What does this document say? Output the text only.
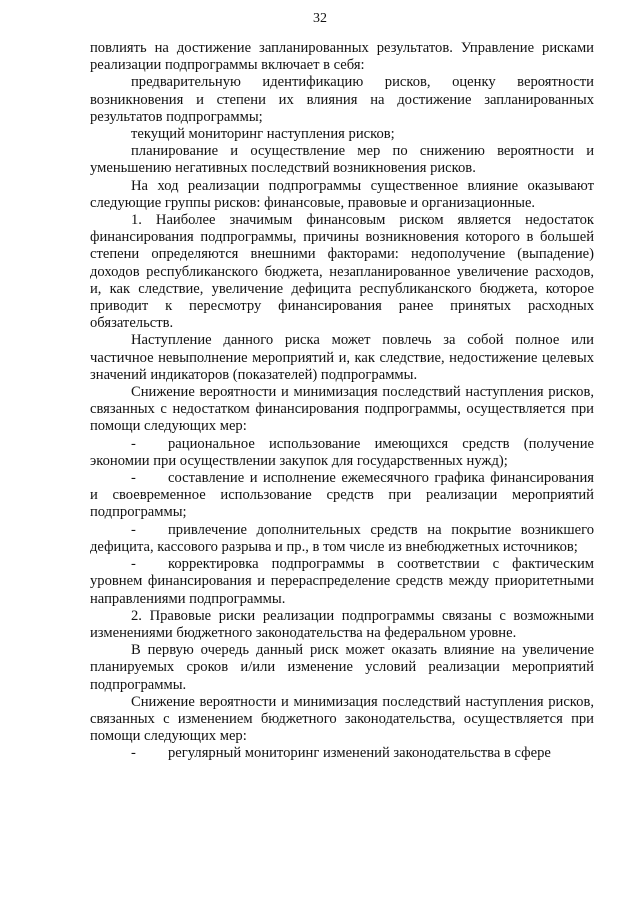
32

повлиять на достижение запланированных результатов. Управление рисками реализации подпрограммы включает в себя:

предварительную идентификацию рисков, оценку вероятности возникновения и степени их влияния на достижение запланированных результатов подпрограммы;

текущий мониторинг наступления рисков;

планирование и осуществление мер по снижению вероятности и уменьшению негативных последствий возникновения рисков.

На ход реализации подпрограммы существенное влияние оказывают следующие группы рисков: финансовые, правовые и организационные.

1. Наиболее значимым финансовым риском является недостаток финансирования подпрограммы, причины возникновения которого в большей степени определяются внешними факторами: недополучение (выпадение) доходов республиканского бюджета, незапланированное увеличение расходов, и, как следствие, увеличение дефицита республиканского бюджета, которое приводит к пересмотру финансирования ранее принятых расходных обязательств.

Наступление данного риска может повлечь за собой полное или частичное невыполнение мероприятий и, как следствие, недостижение целевых значений индикаторов (показателей) подпрограммы.

Снижение вероятности и минимизация последствий наступления рисков, связанных с недостатком финансирования подпрограммы, осуществляется при помощи следующих мер:

- рациональное использование имеющихся средств (получение экономии при осуществлении закупок для государственных нужд);

- составление и исполнение ежемесячного графика финансирования и своевременное использование средств при реализации мероприятий подпрограммы;

- привлечение дополнительных средств на покрытие возникшего дефицита, кассового разрыва и пр., в том числе из внебюджетных источников;

- корректировка подпрограммы в соответствии с фактическим уровнем финансирования и перераспределение средств между приоритетными направлениями подпрограммы.

2. Правовые риски реализации подпрограммы связаны с возможными изменениями бюджетного законодательства на федеральном уровне.

В первую очередь данный риск может оказать влияние на увеличение планируемых сроков и/или изменение условий реализации мероприятий подпрограммы.

Снижение вероятности и минимизация последствий наступления рисков, связанных с изменением бюджетного законодательства, осуществляется при помощи следующих мер:

- регулярный мониторинг изменений законодательства в сфере
